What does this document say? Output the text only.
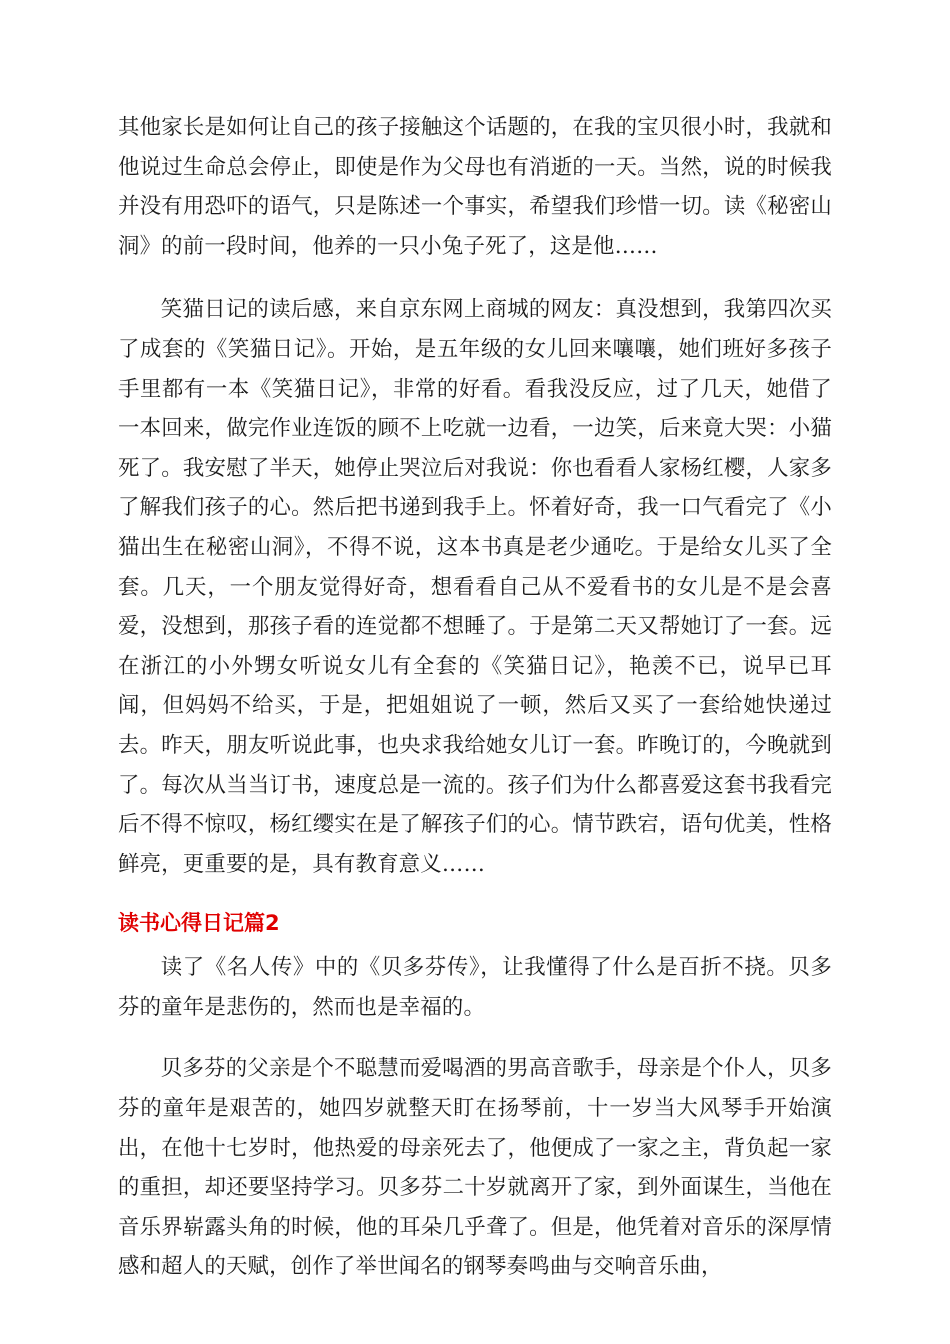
其他家长是如何让自己的孩子接触这个话题的，在我的宝贝很小时，我就和他说过生命总会停止，即使是作为父母也有消逝的一天。当然，说的时候我并没有用恐吓的语气，只是陈述一个事实，希望我们珍惜一切。读《秘密山洞》的前一段时间，他养的一只小兔子死了，这是他……

笑猫日记的读后感，来自京东网上商城的网友：真没想到，我第四次买了成套的《笑猫日记》。开始，是五年级的女儿回来嚷嚷，她们班好多孩子手里都有一本《笑猫日记》，非常的好看。看我没反应，过了几天，她借了一本回来，做完作业连饭的顾不上吃就一边看，一边笑，后来竟大哭：小猫死了。我安慰了半天，她停止哭泣后对我说：你也看看人家杨红樱，人家多了解我们孩子的心。然后把书递到我手上。怀着好奇，我一口气看完了《小猫出生在秘密山洞》，不得不说，这本书真是老少通吃。于是给女儿买了全套。几天，一个朋友觉得好奇，想看看自己从不爱看书的女儿是不是会喜爱，没想到，那孩子看的连觉都不想睡了。于是第二天又帮她订了一套。远在浙江的小外甥女听说女儿有全套的《笑猫日记》，艳羡不已，说早已耳闻，但妈妈不给买，于是，把姐姐说了一顿，然后又买了一套给她快递过去。昨天，朋友听说此事，也央求我给她女儿订一套。昨晚订的，今晚就到了。每次从当当订书，速度总是一流的。孩子们为什么都喜爱这套书我看完后不得不惊叹，杨红缨实在是了解孩子们的心。情节跌宕，语句优美，性格鲜亮，更重要的是，具有教育意义……

读书心得日记篇2

读了《名人传》中的《贝多芬传》，让我懂得了什么是百折不挠。贝多芬的童年是悲伤的，然而也是幸福的。

贝多芬的父亲是个不聪慧而爱喝酒的男高音歌手，母亲是个仆人，贝多芬的童年是艰苦的，她四岁就整天盯在扬琴前，十一岁当大风琴手开始演出，在他十七岁时，他热爱的母亲死去了，他便成了一家之主，背负起一家的重担，却还要坚持学习。贝多芬二十岁就离开了家，到外面谋生，当他在音乐界崭露头角的时候，他的耳朵几乎聋了。但是，他凭着对音乐的深厚情感和超人的天赋，创作了举世闻名的钢琴奏鸣曲与交响音乐曲，
